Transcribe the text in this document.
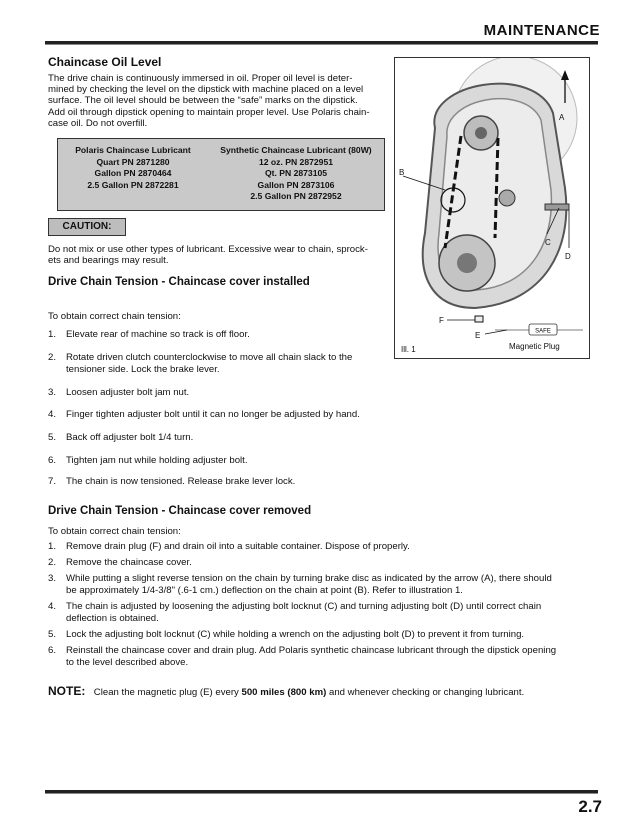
MAINTENANCE
Chaincase Oil Level
The drive chain is continuously immersed in oil. Proper oil level is deter-
mined by checking the level on the dipstick with machine placed on a level
surface. The oil level should be between the “safe” marks on the dipstick.
Add oil through dipstick opening to maintain proper level. Use Polaris chain-
case oil. Do not overfill.
Polaris Chaincase Lubricant
Quart PN 2871280
Gallon PN 2870464
2.5 Gallon PN 2872281
Synthetic Chaincase Lubricant (80W)
12 oz. PN 2872951
Qt. PN 2873105
Gallon PN 2873106
2.5 Gallon PN 2872952
CAUTION:
Do not mix or use other types of lubricant. Excessive wear to chain, sprock-
ets and bearings may result.
Drive Chain Tension - Chaincase cover installed
To obtain correct chain tension:
1. Elevate rear of machine so track is off floor.
2. Rotate driven clutch counterclockwise to move all chain slack to the
tensioner side. Lock the brake lever.
3. Loosen adjuster bolt jam nut.
4. Finger tighten adjuster bolt until it can no longer be adjusted by hand.
5. Back off adjuster bolt 1/4 turn.
6. Tighten jam nut while holding adjuster bolt.
7. The chain is now tensioned. Release brake lever lock.
Drive Chain Tension - Chaincase cover removed
To obtain correct chain tension:
1. Remove drain plug (F) and drain oil into a suitable container. Dispose of properly.
2. Remove the chaincase cover.
3. While putting a slight reverse tension on the chain by turning brake disc as indicated by the arrow (A), there should
be approximately 1/4-3/8" (.6-1 cm.) deflection on the chain at point (B). Refer to illustration 1.
4. The chain is adjusted by loosening the adjusting bolt locknut (C) and turning adjusting bolt (D) until correct chain
deflection is obtained.
5. Lock the adjusting bolt locknut (C) while holding a wrench on the adjusting bolt (D) to prevent it from turning.
6. Reinstall the chaincase cover and drain plug. Add Polaris synthetic chaincase lubricant through the dipstick opening
to the level described above.
NOTE: Clean the magnetic plug (E) every 500 miles (800 km) and whenever checking or changing lubricant.
SAFE
A
B
C
D
F
E
Ill. 1	Magnetic Plug
2.7
